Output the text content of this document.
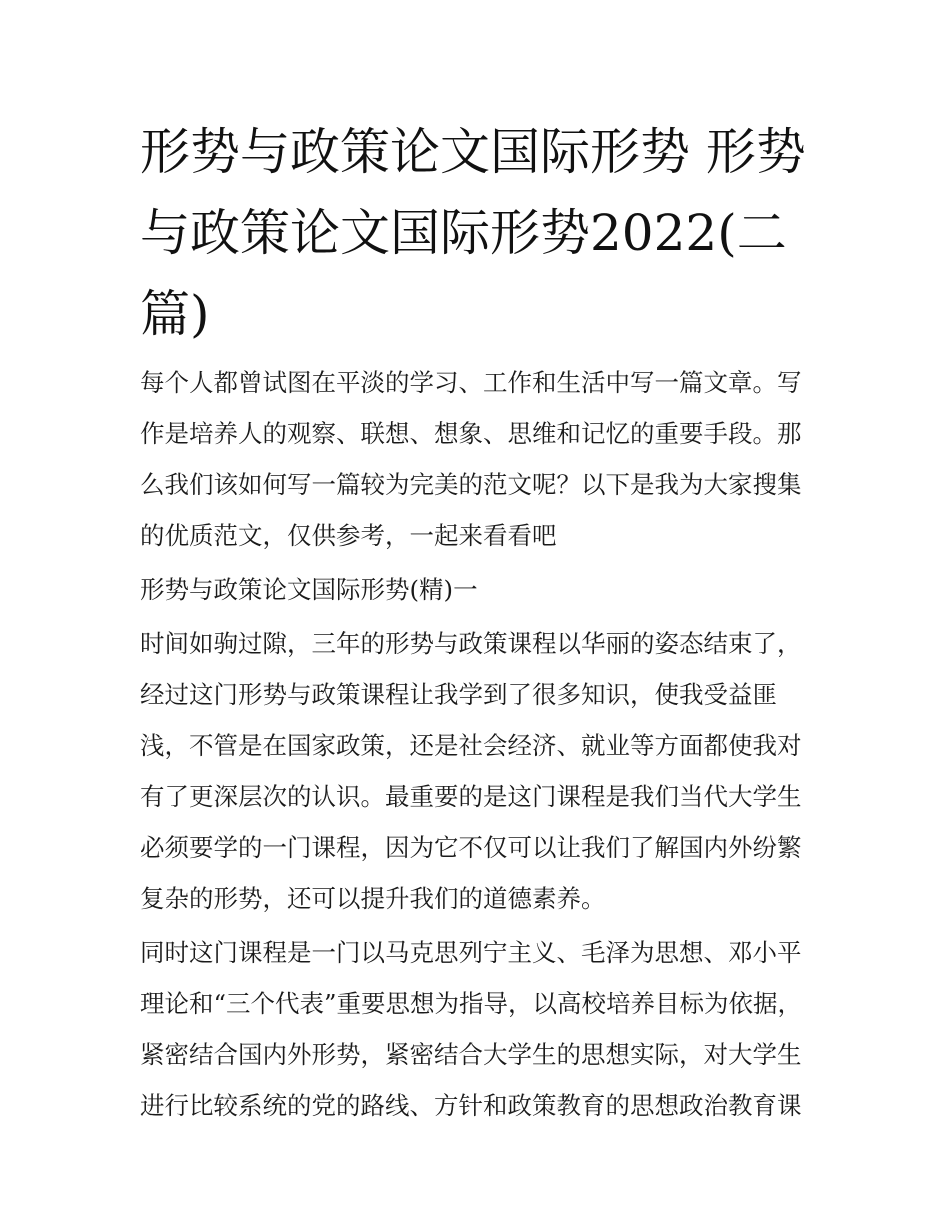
形势与政策论文国际形势 形势与政策论文国际形势2022(二篇)

每个人都曾试图在平淡的学习、工作和生活中写一篇文章。写作是培养人的观察、联想、想象、思维和记忆的重要手段。那么我们该如何写一篇较为完美的范文呢？以下是我为大家搜集的优质范文，仅供参考，一起来看看吧

形势与政策论文国际形势(精)一

时间如驹过隙，三年的形势与政策课程以华丽的姿态结束了，经过这门形势与政策课程让我学到了很多知识，使我受益匪浅，不管是在国家政策，还是社会经济、就业等方面都使我对有了更深层次的认识。最重要的是这门课程是我们当代大学生必须要学的一门课程，因为它不仅可以让我们了解国内外纷繁复杂的形势，还可以提升我们的道德素养。

同时这门课程是一门以马克思列宁主义、毛泽为思想、邓小平理论和“三个代表”重要思想为指导，以高校培养目标为依据，紧密结合国内外形势，紧密结合大学生的思想实际，对大学生进行比较系统的党的路线、方针和政策教育的思想政治教育课
